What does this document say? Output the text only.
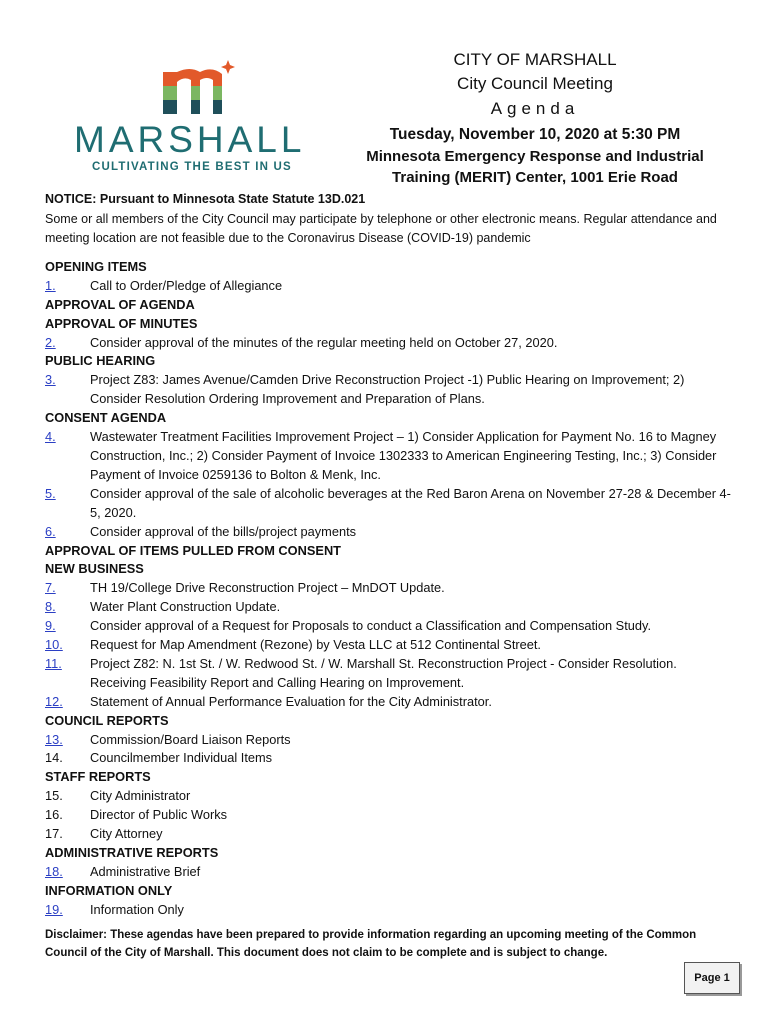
MARSHALL
CULTIVATING THE BEST IN US
CITY OF MARSHALL
City Council Meeting
Agenda
Tuesday, November 10, 2020 at 5:30 PM
Minnesota Emergency Response and Industrial
Training (MERIT) Center, 1001 Erie Road
NOTICE: Pursuant to Minnesota State Statute 13D.021
Some or all members of the City Council may participate by telephone or other electronic means. Regular attendance and meeting location are not feasible due to the Coronavirus Disease (COVID-19) pandemic
OPENING ITEMS
1.	Call to Order/Pledge of Allegiance
APPROVAL OF AGENDA
APPROVAL OF MINUTES
2.	Consider approval of the minutes of the regular meeting held on October 27, 2020.
PUBLIC HEARING
3.	Project Z83: James Avenue/Camden Drive Reconstruction Project -1) Public Hearing on Improvement; 2) Consider Resolution Ordering Improvement and Preparation of Plans.
CONSENT AGENDA
4.	Wastewater Treatment Facilities Improvement Project – 1) Consider Application for Payment No. 16 to Magney Construction, Inc.; 2) Consider Payment of Invoice 1302333 to American Engineering Testing, Inc.; 3) Consider Payment of Invoice 0259136 to Bolton & Menk, Inc.
5.	Consider approval of the sale of alcoholic beverages at the Red Baron Arena on November 27-28 & December 4-5, 2020.
6.	Consider approval of the bills/project payments
APPROVAL OF ITEMS PULLED FROM CONSENT
NEW BUSINESS
7.	TH 19/College Drive Reconstruction Project – MnDOT Update.
8.	Water Plant Construction Update.
9.	Consider approval of a Request for Proposals to conduct a Classification and Compensation Study.
10.	Request for Map Amendment (Rezone) by Vesta LLC at 512 Continental Street.
11.	Project Z82: N. 1st St. / W. Redwood St. / W. Marshall St. Reconstruction Project - Consider Resolution. Receiving Feasibility Report and Calling Hearing on Improvement.
12.	Statement of Annual Performance Evaluation for the City Administrator.
COUNCIL REPORTS
13.	Commission/Board Liaison Reports
14.	Councilmember Individual Items
STAFF REPORTS
15.	City Administrator
16.	Director of Public Works
17.	City Attorney
ADMINISTRATIVE REPORTS
18.	Administrative Brief
INFORMATION ONLY
19.	Information Only
Disclaimer: These agendas have been prepared to provide information regarding an upcoming meeting of the Common Council of the City of Marshall. This document does not claim to be complete and is subject to change.
Page 1
